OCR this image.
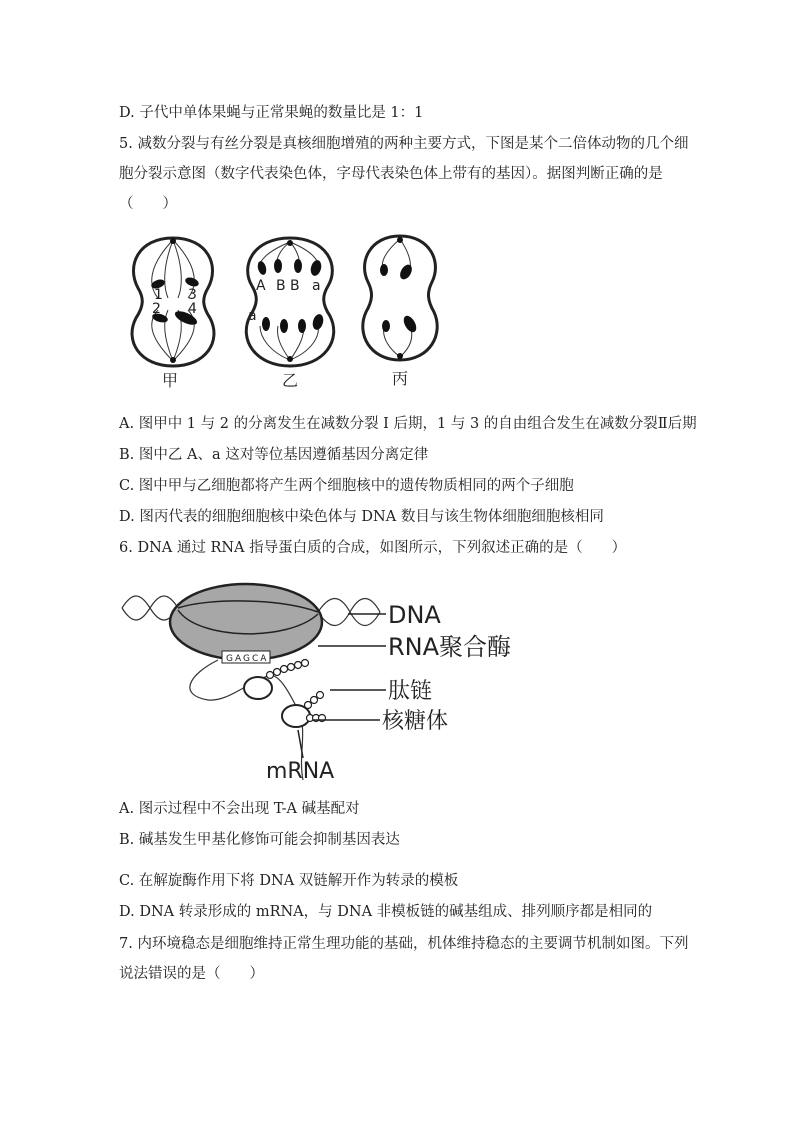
D. 子代中单体果蝇与正常果蝇的数量比是 1：1
5. 减数分裂与有丝分裂是真核细胞增殖的两种主要方式，下图是某个二倍体动物的几个细
胞分裂示意图（数字代表染色体，字母代表染色体上带有的基因）。据图判断正确的是
（　　）
1 3
2 4
甲
A B B a
a
乙	丙
A. 图甲中 1 与 2 的分离发生在减数分裂 I 后期，1 与 3 的自由组合发生在减数分裂Ⅱ后期
B. 图中乙 A、a 这对等位基因遵循基因分离定律
C. 图中甲与乙细胞都将产生两个细胞核中的遗传物质相同的两个子细胞
D. 图丙代表的细胞细胞核中染色体与 DNA 数目与该生物体细胞细胞核相同
6. DNA 通过 RNA 指导蛋白质的合成，如图所示，下列叙述正确的是（　　）
GAGCA
DNA
RNA聚合酶
肽链
核糖体
mRNA
A. 图示过程中不会出现 T-A 碱基配对
B. 碱基发生甲基化修饰可能会抑制基因表达
C. 在解旋酶作用下将 DNA 双链解开作为转录的模板
D. DNA 转录形成的 mRNA，与 DNA 非模板链的碱基组成、排列顺序都是相同的
7. 内环境稳态是细胞维持正常生理功能的基础，机体维持稳态的主要调节机制如图。下列
说法错误的是（　　）
